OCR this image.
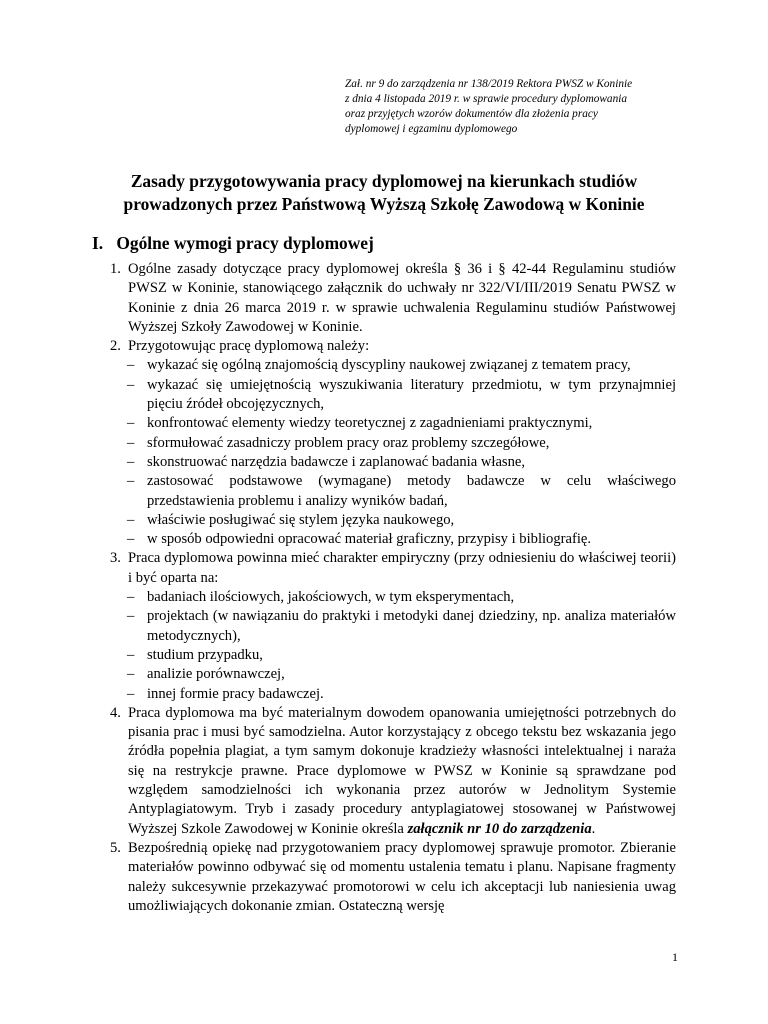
Zał. nr 9 do zarządzenia nr 138/2019 Rektora PWSZ w Koninie
z dnia 4 listopada 2019 r. w sprawie procedury dyplomowania
oraz przyjętych wzorów dokumentów dla złożenia pracy
dyplomowej i egzaminu dyplomowego
Zasady przygotowywania pracy dyplomowej na kierunkach studiów
prowadzonych przez Państwową Wyższą Szkołę Zawodową w Koninie
I. Ogólne wymogi pracy dyplomowej
1. Ogólne zasady dotyczące pracy dyplomowej określa § 36 i § 42-44 Regulaminu studiów PWSZ w Koninie, stanowiącego załącznik do uchwały nr 322/VI/III/2019 Senatu PWSZ w Koninie z dnia 26 marca 2019 r. w sprawie uchwalenia Regulaminu studiów Państwowej Wyższej Szkoły Zawodowej w Koninie.
2. Przygotowując pracę dyplomową należy:
– wykazać się ogólną znajomością dyscypliny naukowej związanej z tematem pracy,
– wykazać się umiejętnością wyszukiwania literatury przedmiotu, w tym przynajmniej pięciu źródeł obcojęzycznych,
– konfrontować elementy wiedzy teoretycznej z zagadnieniami praktycznymi,
– sformułować zasadniczy problem pracy oraz problemy szczegółowe,
– skonstruować narzędzia badawcze i zaplanować badania własne,
– zastosować podstawowe (wymagane) metody badawcze w celu właściwego przedstawienia problemu i analizy wyników badań,
– właściwie posługiwać się stylem języka naukowego,
– w sposób odpowiedni opracować materiał graficzny, przypisy i bibliografię.
3. Praca dyplomowa powinna mieć charakter empiryczny (przy odniesieniu do właściwej teorii) i być oparta na:
– badaniach ilościowych, jakościowych, w tym eksperymentach,
– projektach (w nawiązaniu do praktyki i metodyki danej dziedziny, np. analiza materiałów metodycznych),
– studium przypadku,
– analizie porównawczej,
– innej formie pracy badawczej.
4. Praca dyplomowa ma być materialnym dowodem opanowania umiejętności potrzebnych do pisania prac i musi być samodzielna. Autor korzystający z obcego tekstu bez wskazania jego źródła popełnia plagiat, a tym samym dokonuje kradzieży własności intelektualnej i naraża się na restrykcje prawne. Prace dyplomowe w PWSZ w Koninie są sprawdzane pod względem samodzielności ich wykonania przez autorów w Jednolitym Systemie Antyplagiatowym. Tryb i zasady procedury antyplagiatowej stosowanej w Państwowej Wyższej Szkole Zawodowej w Koninie określa załącznik nr 10 do zarządzenia.
5. Bezpośrednią opiekę nad przygotowaniem pracy dyplomowej sprawuje promotor. Zbieranie materiałów powinno odbywać się od momentu ustalenia tematu i planu. Napisane fragmenty należy sukcesywnie przekazywać promotorowi w celu ich akceptacji lub naniesienia uwag umożliwiających dokonanie zmian. Ostateczną wersję
1
